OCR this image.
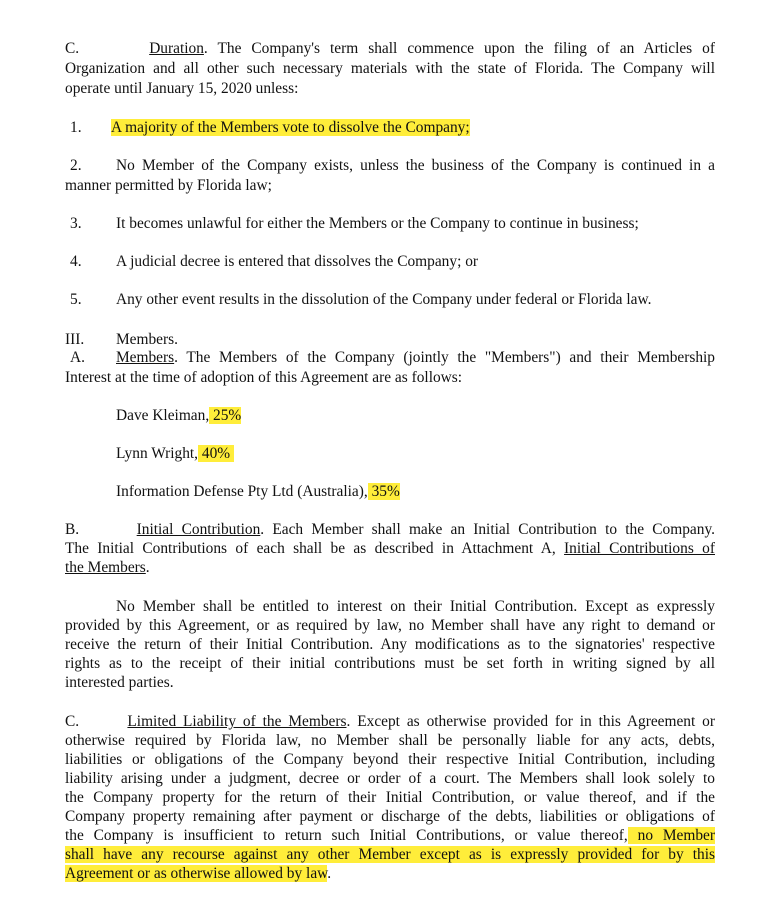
C.	Duration. The Company's term shall commence upon the filing of an Articles of
Organization and all other such necessary materials with the state of Florida. The Company will
operate until January 15, 2020 unless:
1. A majority of the Members vote to dissolve the Company;
2. No Member of the Company exists, unless the business of the Company is continued in a
manner permitted by Florida law;
3. It becomes unlawful for either the Members or the Company to continue in business;
4. A judicial decree is entered that dissolves the Company; or
5. Any other event results in the dissolution of the Company under federal or Florida law.
III. Members.
A. Members. The Members of the Company (jointly the "Members") and their Membership
Interest at the time of adoption of this Agreement are as follows:
Dave Kleiman, 25%
Lynn Wright, 40%
Information Defense Pty Ltd (Australia), 35%
B.	Initial Contribution. Each Member shall make an Initial Contribution to the Company.
The Initial Contributions of each shall be as described in Attachment A, Initial Contributions of
the Members.
No Member shall be entitled to interest on their Initial Contribution. Except as expressly
provided by this Agreement, or as required by law, no Member shall have any right to demand or
receive the return of their Initial Contribution. Any modifications as to the signatories' respective
rights as to the receipt of their initial contributions must be set forth in writing signed by all
interested parties.
C.	Limited Liability of the Members. Except as otherwise provided for in this Agreement or
otherwise required by Florida law, no Member shall be personally liable for any acts, debts,
liabilities or obligations of the Company beyond their respective Initial Contribution, including
liability arising under a judgment, decree or order of a court. The Members shall look solely to
the Company property for the return of their Initial Contribution, or value thereof, and if the
Company property remaining after payment or discharge of the debts, liabilities or obligations of
the Company is insufficient to return such Initial Contributions, or value thereof, no Member
shall have any recourse against any other Member except as is expressly provided for by this
Agreement or as otherwise allowed by law.
